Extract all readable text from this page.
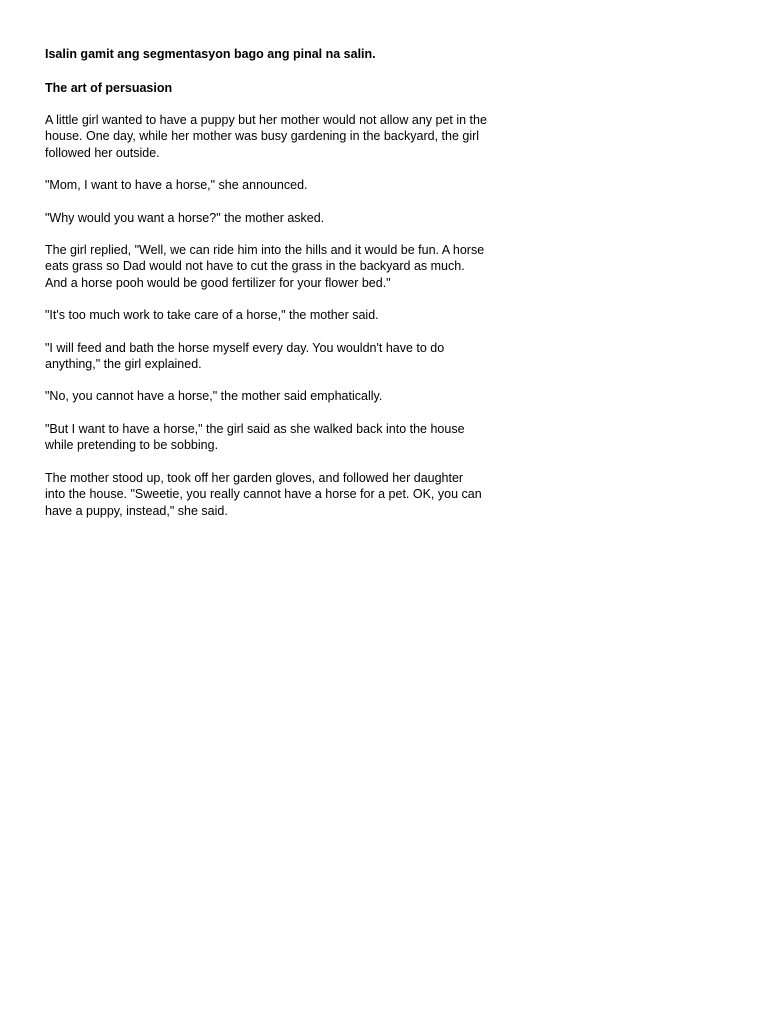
Isalin gamit ang segmentasyon bago ang pinal na salin.

The art of persuasion

A little girl wanted to have a puppy but her mother would not allow any pet in the
house. One day, while her mother was busy gardening in the backyard, the girl
followed her outside.

"Mom, I want to have a horse," she announced.

"Why would you want a horse?" the mother asked.

The girl replied, "Well, we can ride him into the hills and it would be fun. A horse
eats grass so Dad would not have to cut the grass in the backyard as much.
And a horse pooh would be good fertilizer for your flower bed."

"It's too much work to take care of a horse," the mother said.

"I will feed and bath the horse myself every day. You wouldn't have to do
anything," the girl explained.

"No, you cannot have a horse," the mother said emphatically.

"But I want to have a horse," the girl said as she walked back into the house
while pretending to be sobbing.

The mother stood up, took off her garden gloves, and followed her daughter
into the house. "Sweetie, you really cannot have a horse for a pet. OK, you can
have a puppy, instead," she said.
